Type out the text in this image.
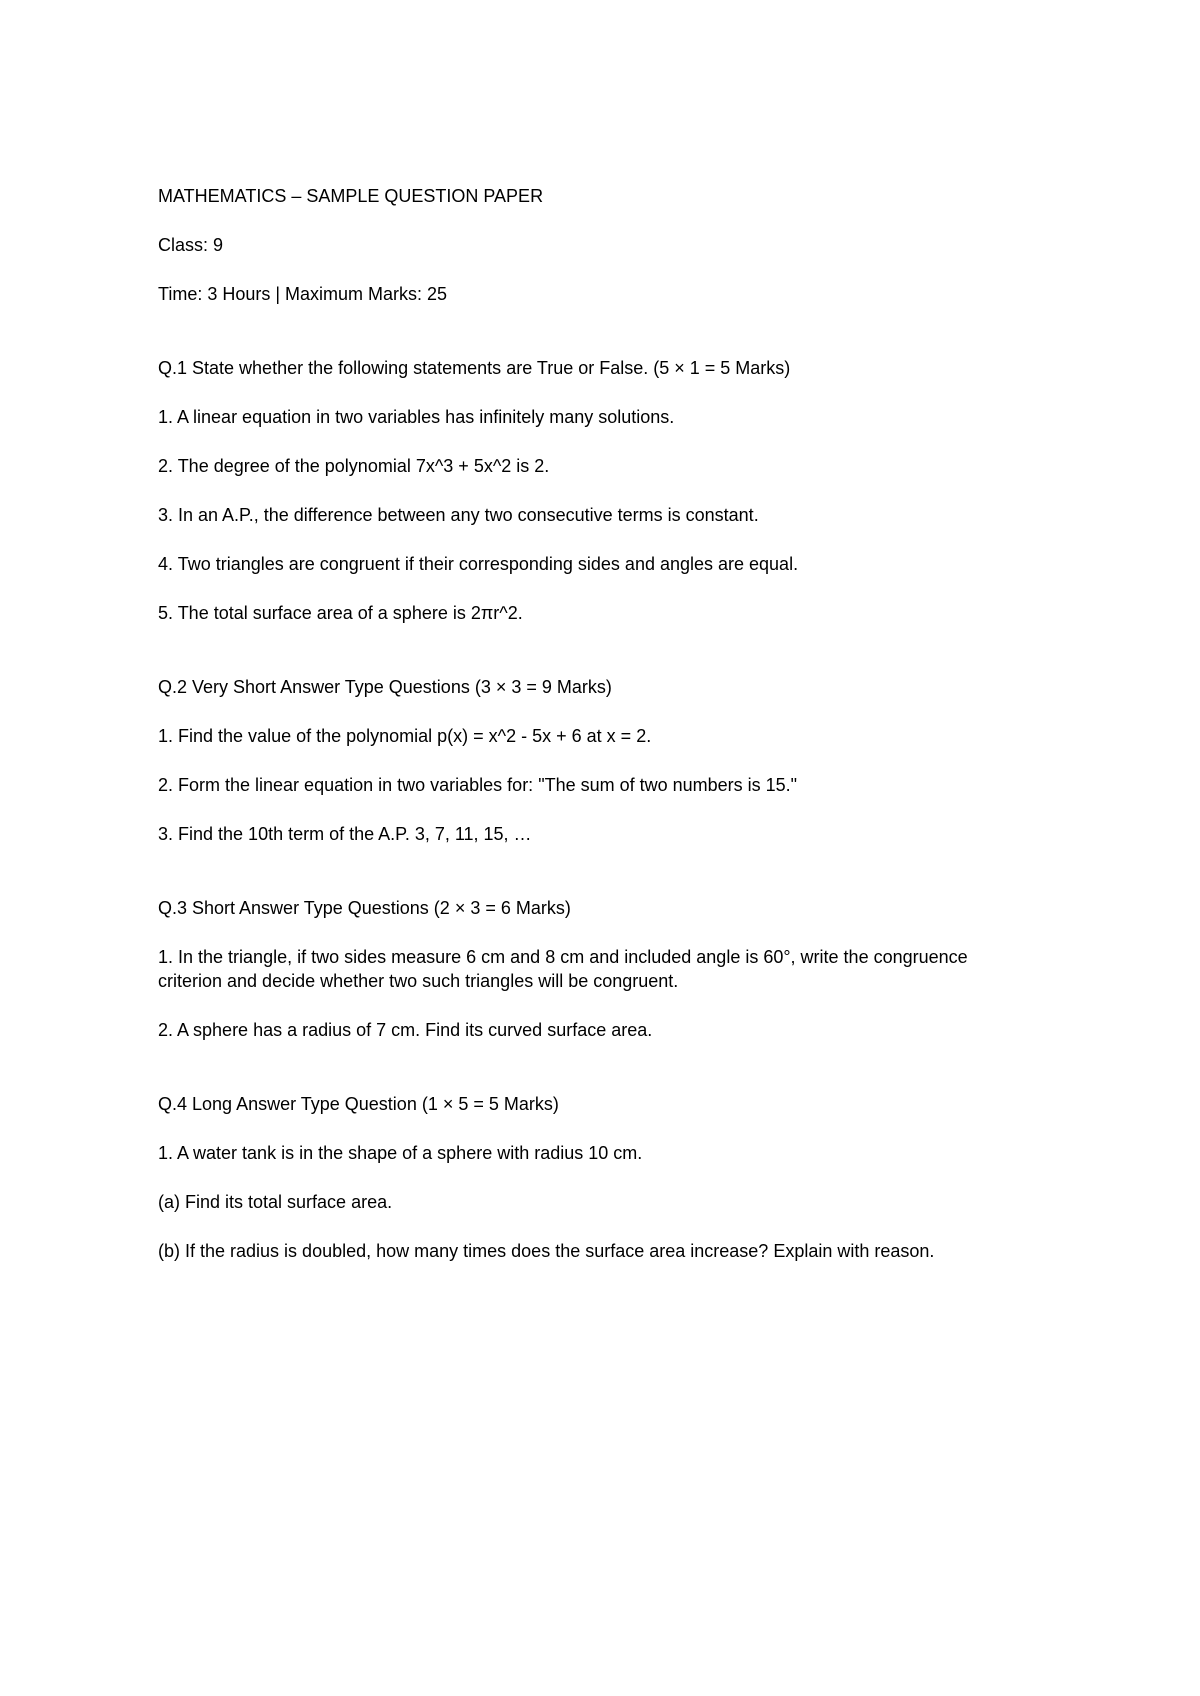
MATHEMATICS – SAMPLE QUESTION PAPER
Class: 9
Time: 3 Hours | Maximum Marks: 25
Q.1 State whether the following statements are True or False. (5 × 1 = 5 Marks)
1. A linear equation in two variables has infinitely many solutions.
2. The degree of the polynomial 7x^3 + 5x^2 is 2.
3. In an A.P., the difference between any two consecutive terms is constant.
4. Two triangles are congruent if their corresponding sides and angles are equal.
5. The total surface area of a sphere is 2πr^2.
Q.2 Very Short Answer Type Questions (3 × 3 = 9 Marks)
1. Find the value of the polynomial p(x) = x^2 - 5x + 6 at x = 2.
2. Form the linear equation in two variables for: "The sum of two numbers is 15."
3. Find the 10th term of the A.P. 3, 7, 11, 15, …
Q.3 Short Answer Type Questions (2 × 3 = 6 Marks)
1. In the triangle, if two sides measure 6 cm and 8 cm and included angle is 60°, write the congruence criterion and decide whether two such triangles will be congruent.
2. A sphere has a radius of 7 cm. Find its curved surface area.
Q.4 Long Answer Type Question (1 × 5 = 5 Marks)
1. A water tank is in the shape of a sphere with radius 10 cm.
(a) Find its total surface area.
(b) If the radius is doubled, how many times does the surface area increase? Explain with reason.
